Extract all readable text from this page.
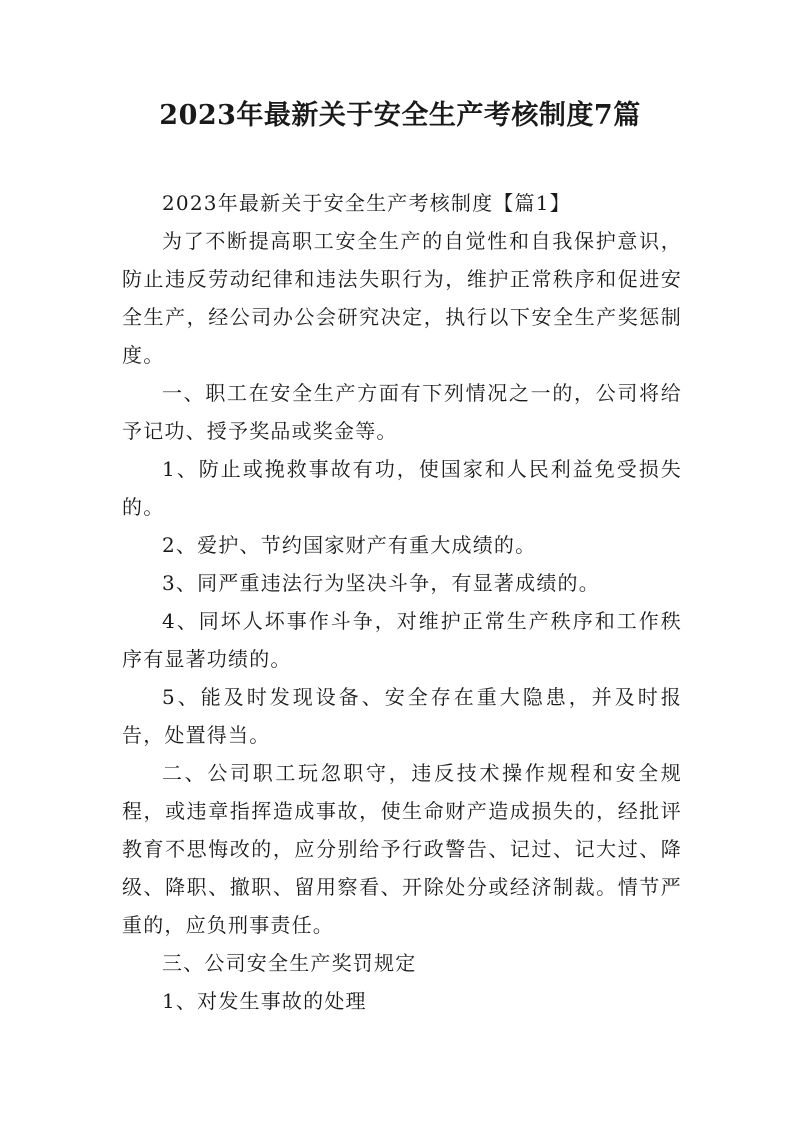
2023年最新关于安全生产考核制度7篇

2023年最新关于安全生产考核制度【篇1】

为了不断提高职工安全生产的自觉性和自我保护意识，防止违反劳动纪律和违法失职行为，维护正常秩序和促进安全生产，经公司办公会研究决定，执行以下安全生产奖惩制度。

一、职工在安全生产方面有下列情况之一的，公司将给予记功、授予奖品或奖金等。

1、防止或挽救事故有功，使国家和人民利益免受损失的。

2、爱护、节约国家财产有重大成绩的。

3、同严重违法行为坚决斗争，有显著成绩的。

4、同坏人坏事作斗争，对维护正常生产秩序和工作秩序有显著功绩的。

5、能及时发现设备、安全存在重大隐患，并及时报告，处置得当。

二、公司职工玩忽职守，违反技术操作规程和安全规程，或违章指挥造成事故，使生命财产造成损失的，经批评教育不思悔改的，应分别给予行政警告、记过、记大过、降级、降职、撤职、留用察看、开除处分或经济制裁。情节严重的，应负刑事责任。

三、公司安全生产奖罚规定

1、对发生事故的处理
